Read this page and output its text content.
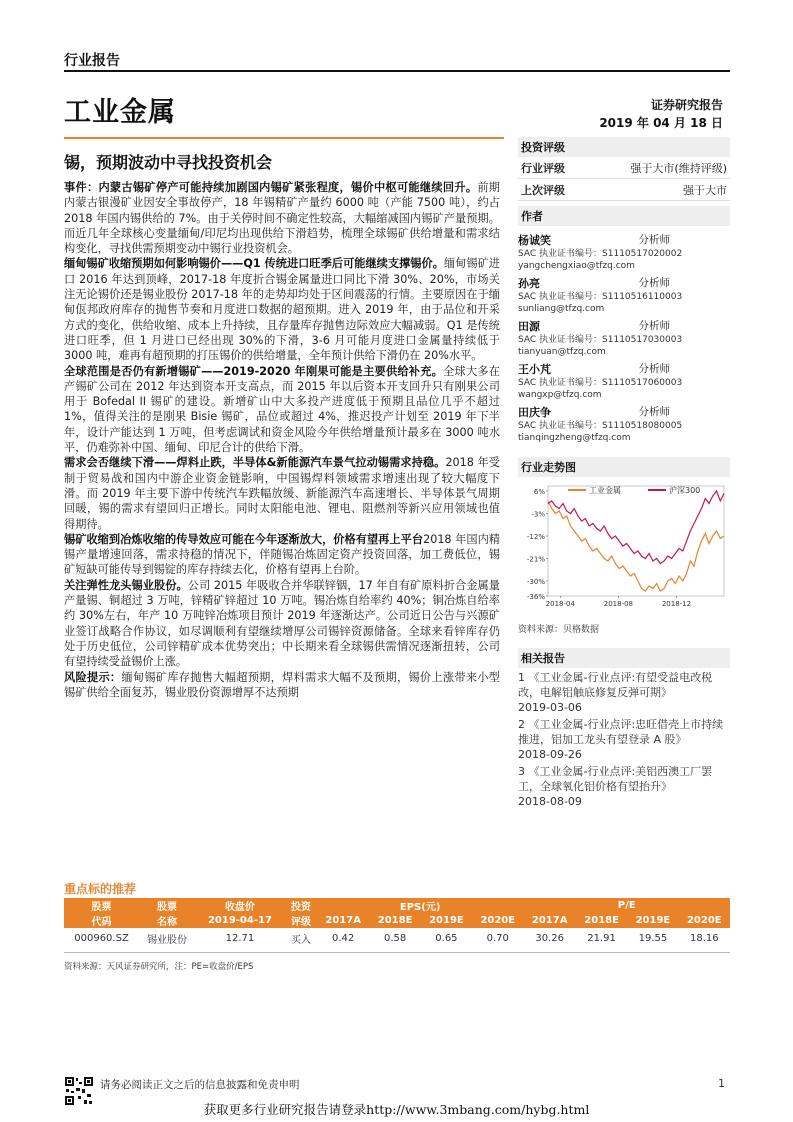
行业报告
工业金属	证券研究报告
2019 年 04 月 18 日
锡，预期波动中寻找投资机会

事件：内蒙古锡矿停产可能持续加剧国内锡矿紧张程度，锡价中枢可能继续回升。前期内蒙古银漫矿业因安全事故停产，18 年锡精矿产量约 6000 吨（产能 7500 吨），约占 2018 年国内锡供给的 7%。由于关停时间不确定性较高，大幅缩减国内锡矿产量预期。而近几年全球核心变量缅甸/印尼均出现供给下滑趋势，梳理全球锡矿供给增量和需求结构变化，寻找供需预期变动中锡行业投资机会。

缅甸锡矿收缩预期如何影响锡价——Q1 传统进口旺季后可能继续支撑锡价。缅甸锡矿进口 2016 年达到顶峰，2017-18 年度折合锡金属量进口同比下滑 30%、20%，市场关注无论锡价还是锡业股份 2017-18 年的走势却均处于区间震荡的行情。主要原因在于缅甸佤邦政府库存的抛售节奏和月度进口数据的超预期。进入 2019 年，由于品位和开采方式的变化，供给收缩、成本上升持续，且存量库存抛售边际效应大幅减弱。Q1 是传统进口旺季，但 1 月进口已经出现 30%的下滑，3-6 月可能月度进口金属量持续低于 3000 吨，难再有超预期的打压锡价的供给增量，全年预计供给下滑仍在 20%水平。

全球范围是否仍有新增锡矿——2019-2020 年刚果可能是主要供给补充。全球大多在产锡矿公司在 2012 年达到资本开支高点，而 2015 年以后资本开支回升只有刚果公司用于 Bofedal II 锡矿的建设。新增矿山中大多投产进度低于预期且品位几乎不超过 1%，值得关注的是刚果 Bisie 锡矿，品位或超过 4%，推迟投产计划至 2019 年下半年，设计产能达到 1 万吨，但考虑调试和资金风险今年供给增量预计最多在 3000 吨水平，仍难弥补中国、缅甸、印尼合计的供给下滑。

需求会否继续下滑——焊料止跌，半导体&新能源汽车景气拉动锡需求持稳。2018 年受制于贸易战和国内中游企业资金链影响，中国锡焊料领域需求增速出现了较大幅度下滑。而 2019 年主要下游中传统汽车跌幅放缓、新能源汽车高速增长、半导体景气周期回暖，锡的需求有望回归正增长。同时太阳能电池、锂电、阻燃剂等新兴应用领域也值得期待。

锡矿收缩到冶炼收缩的传导效应可能在今年逐渐放大，价格有望再上平台2018 年国内精锡产量增速回落，需求持稳的情况下，伴随锡冶炼固定资产投资回落，加工费低位，锡矿短缺可能传导到锡锭的库存持续去化，价格有望再上台阶。

关注弹性龙头锡业股份。公司 2015 年吸收合并华联锌铟，17 年自有矿原料折合金属量产量锡、铜超过 3 万吨，锌精矿锌超过 10 万吨。锡冶炼自给率约 40%；铜冶炼自给率约 30%左右，年产 10 万吨锌冶炼项目预计 2019 年逐渐达产。公司近日公告与兴源矿业签订战略合作协议，如尽调顺利有望继续增厚公司锡锌资源储备。全球来看锌库存仍处于历史低位，公司锌精矿成本优势突出；中长期来看全球锡供需情况逐渐扭转，公司有望持续受益锡价上涨。

风险提示：缅甸锡矿库存抛售大幅超预期，焊料需求大幅不及预期，锡价上涨带来小型锡矿供给全面复苏，锡业股份资源增厚不达预期

投资评级
行业评级	强于大市(维持评级)
上次评级	强于大市
作者
杨诚笑	分析师
SAC 执业证书编号：S1110517020002
yangchengxiao@tfzq.com
孙亮	分析师
SAC 执业证书编号：S1110516110003
sunliang@tfzq.com
田源	分析师
SAC 执业证书编号：S1110517030003
tianyuan@tfzq.com
王小芃	分析师
SAC 执业证书编号：S1110517060003
wangxp@tfzq.com
田庆争	分析师
SAC 执业证书编号：S1110518080005
tianqingzheng@tfzq.com
行业走势图
6%
-3%
-12%
-21%
-30%
-36%
2018-04	2018-08	2018-12
工业金属	沪深300
资料来源：贝格数据
相关报告
1 《工业金属-行业点评:有望受益电改税改，电解铝触底修复反弹可期》
2019-03-06
2 《工业金属-行业点评:忠旺借壳上市持续推进，铝加工龙头有望登录 A 股》
2018-09-26
3 《工业金属-行业点评:美铝西澳工厂罢工，全球氧化铝价格有望抬升》
2018-08-09
重点标的推荐
股票	股票	收盘价	投资	EPS(元)				P/E			
代码	名称	2019-04-17	评级	2017A	2018E	2019E	2020E	2017A	2018E	2019E	2020E
000960.SZ	锡业股份	12.71	买入	0.42	0.58	0.65	0.70	30.26	21.91	19.55	18.16
资料来源：天风证券研究所，注：PE=收盘价/EPS
请务必阅读正文之后的信息披露和免责申明	1
获取更多行业研究报告请登录http://www.3mbang.com/hybg.html
